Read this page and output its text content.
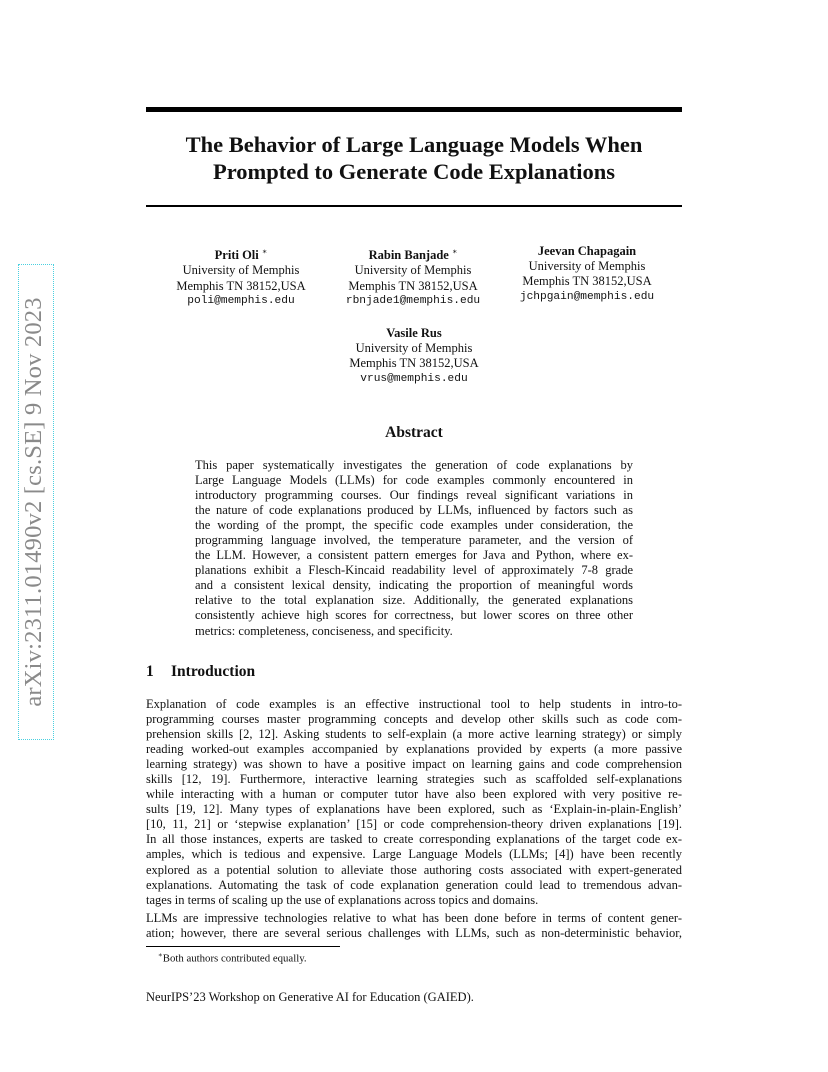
arXiv:2311.01490v2 [cs.SE] 9 Nov 2023
The Behavior of Large Language Models When
Prompted to Generate Code Explanations
Priti Oli ∗
University of Memphis
Memphis TN 38152,USA
poli@memphis.edu
Rabin Banjade ∗
University of Memphis
Memphis TN 38152,USA
rbnjade1@memphis.edu
Jeevan Chapagain
University of Memphis
Memphis TN 38152,USA
jchpgain@memphis.edu
Vasile Rus
University of Memphis
Memphis TN 38152,USA
vrus@memphis.edu
Abstract
This paper systematically investigates the generation of code explanations by
Large Language Models (LLMs) for code examples commonly encountered in
introductory programming courses. Our findings reveal significant variations in
the nature of code explanations produced by LLMs, influenced by factors such as
the wording of the prompt, the specific code examples under consideration, the
programming language involved, the temperature parameter, and the version of
the LLM. However, a consistent pattern emerges for Java and Python, where ex-
planations exhibit a Flesch-Kincaid readability level of approximately 7-8 grade
and a consistent lexical density, indicating the proportion of meaningful words
relative to the total explanation size. Additionally, the generated explanations
consistently achieve high scores for correctness, but lower scores on three other
metrics: completeness, conciseness, and specificity.
1 Introduction
Explanation of code examples is an effective instructional tool to help students in intro-to-
programming courses master programming concepts and develop other skills such as code com-
prehension skills [2, 12]. Asking students to self-explain (a more active learning strategy) or simply
reading worked-out examples accompanied by explanations provided by experts (a more passive
learning strategy) was shown to have a positive impact on learning gains and code comprehension
skills [12, 19]. Furthermore, interactive learning strategies such as scaffolded self-explanations
while interacting with a human or computer tutor have also been explored with very positive re-
sults [19, 12]. Many types of explanations have been explored, such as ‘Explain-in-plain-English’
[10, 11, 21] or ‘stepwise explanation’ [15] or code comprehension-theory driven explanations [19].
In all those instances, experts are tasked to create corresponding explanations of the target code ex-
amples, which is tedious and expensive. Large Language Models (LLMs; [4]) have been recently
explored as a potential solution to alleviate those authoring costs associated with expert-generated
explanations. Automating the task of code explanation generation could lead to tremendous advan-
tages in terms of scaling up the use of explanations across topics and domains.
LLMs are impressive technologies relative to what has been done before in terms of content gener-
ation; however, there are several serious challenges with LLMs, such as non-deterministic behavior,
∗Both authors contributed equally.
NeurIPS’23 Workshop on Generative AI for Education (GAIED).
